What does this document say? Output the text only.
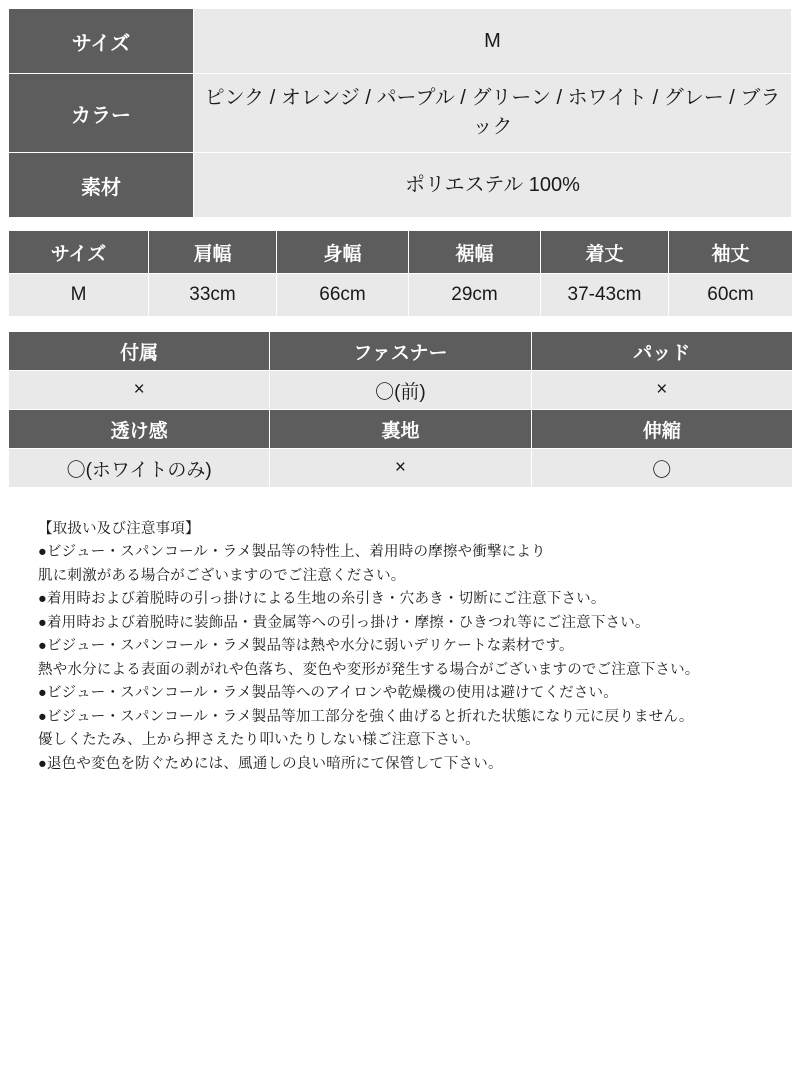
サイズ	M
カラー	ピンク / オレンジ / パープル / グリーン / ホワイト / グレー / ブラック
素材	ポリエステル 100%
サイズ	肩幅	身幅	裾幅	着丈	袖丈
M	33cm	66cm	29cm	37-43cm	60cm
付属	ファスナー	パッド
×	〇(前)	×
透け感	裏地	伸縮
〇(ホワイトのみ)	×	〇
【取扱い及び注意事項】
●ビジュー・スパンコール・ラメ製品等の特性上、着用時の摩擦や衝撃により
肌に刺激がある場合がございますのでご注意ください。
●着用時および着脱時の引っ掛けによる生地の糸引き・穴あき・切断にご注意下さい。
●着用時および着脱時に装飾品・貴金属等への引っ掛け・摩擦・ひきつれ等にご注意下さい。
●ビジュー・スパンコール・ラメ製品等は熱や水分に弱いデリケートな素材です。
熱や水分による表面の剥がれや色落ち、変色や変形が発生する場合がございますのでご注意下さい。
●ビジュー・スパンコール・ラメ製品等へのアイロンや乾燥機の使用は避けてください。
●ビジュー・スパンコール・ラメ製品等加工部分を強く曲げると折れた状態になり元に戻りません。
優しくたたみ、上から押さえたり叩いたりしない様ご注意下さい。
●退色や変色を防ぐためには、風通しの良い暗所にて保管して下さい。
